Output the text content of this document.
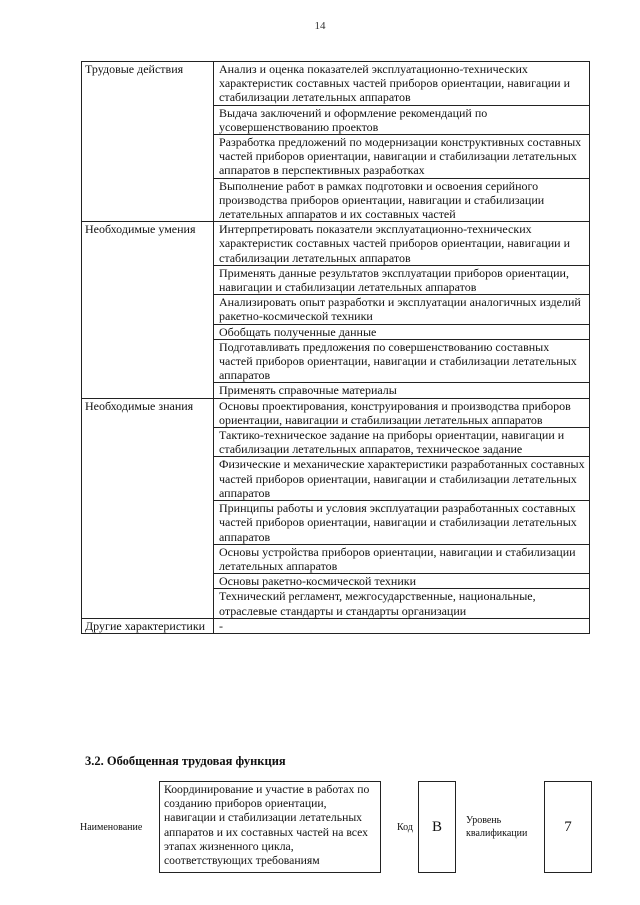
14
Трудовые действия	Анализ и оценка показателей эксплуатационно-технических характеристик составных частей приборов ориентации, навигации и стабилизации летательных аппаратов
	Выдача заключений и оформление рекомендаций по усовершенствованию проектов
	Разработка предложений по модернизации конструктивных составных частей приборов ориентации, навигации и стабилизации летательных аппаратов в перспективных разработках
	Выполнение работ в рамках подготовки и освоения серийного производства приборов ориентации, навигации и стабилизации летательных аппаратов и их составных частей
Необходимые умения	Интерпретировать показатели эксплуатационно-технических характеристик составных частей приборов ориентации, навигации и стабилизации летательных аппаратов
	Применять данные результатов эксплуатации приборов ориентации, навигации и стабилизации летательных аппаратов
	Анализировать опыт разработки и эксплуатации аналогичных изделий ракетно-космической техники
	Обобщать полученные данные
	Подготавливать предложения по совершенствованию составных частей приборов ориентации, навигации и стабилизации летательных аппаратов
	Применять справочные материалы
Необходимые знания	Основы проектирования, конструирования и производства приборов ориентации, навигации и стабилизации летательных аппаратов
	Тактико-техническое задание на приборы ориентации, навигации и стабилизации летательных аппаратов, техническое задание
	Физические и механические характеристики разработанных составных частей приборов ориентации, навигации и стабилизации летательных аппаратов
	Принципы работы и условия эксплуатации разработанных составных частей приборов ориентации, навигации и стабилизации летательных аппаратов
	Основы устройства приборов ориентации, навигации и стабилизации летательных аппаратов
	Основы ракетно-космической техники
	Технический регламент, межгосударственные, национальные, отраслевые стандарты и стандарты организации
Другие характеристики	-
3.2. Обобщенная трудовая функция
Наименование
Координирование и участие в работах по созданию приборов ориентации, навигации и стабилизации летательных аппаратов и их составных частей на всех этапах жизненного цикла, соответствующих требованиям
Код	B	Уровень квалификации	7
